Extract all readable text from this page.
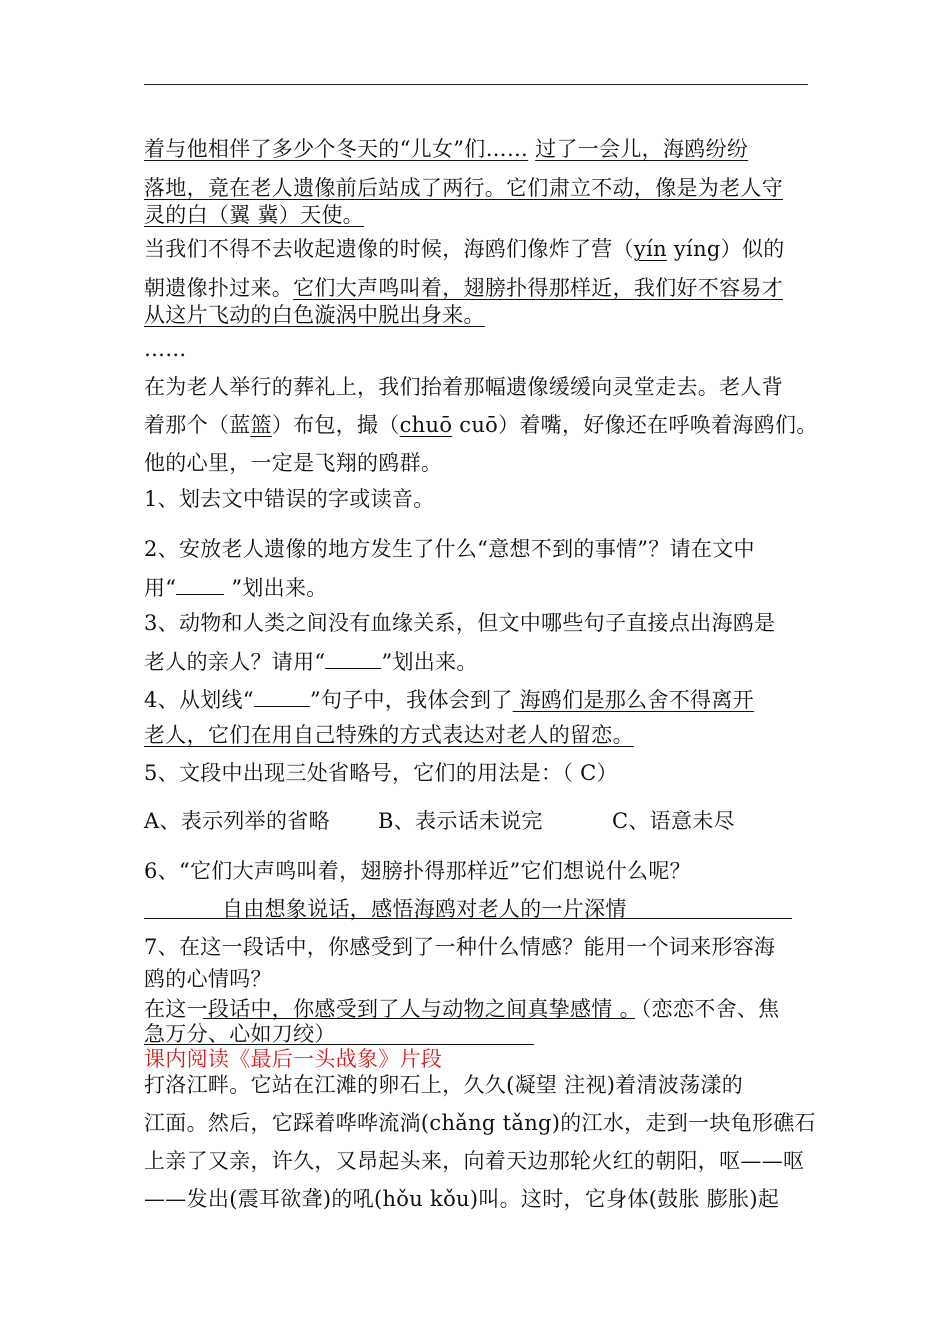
着与他相伴了多少个冬天的“儿女”们…… 过了一会儿，海鸥纷纷
落地，竟在老人遗像前后站成了两行。它们肃立不动，像是为老人守
灵的白（翼 冀）天使。
当我们不得不去收起遗像的时候，海鸥们像炸了营（yín yíng）似的
朝遗像扑过来。它们大声鸣叫着，翅膀扑得那样近，我们好不容易才
从这片飞动的白色漩涡中脱出身来。
……
在为老人举行的葬礼上，我们抬着那幅遗像缓缓向灵堂走去。老人背
着那个（蓝篮）布包，撮（chuō cuō）着嘴，好像还在呼唤着海鸥们。
他的心里，一定是飞翔的鸥群。
1、划去文中错误的字或读音。
2、安放老人遗像的地方发生了什么“意想不到的事情”？请在文中
用“ ”划出来。
3、动物和人类之间没有血缘关系，但文中哪些句子直接点出海鸥是
老人的亲人？请用“	”划出来。
4、从划线“	”句子中，我体会到了 海鸥们是那么舍不得离开
老人，它们在用自己特殊的方式表达对老人的留恋。
5、文段中出现三处省略号，它们的用法是：（ C）
A、表示列举的省略 B、表示话未说完	C、语意未尽
6、“它们大声鸣叫着，翅膀扑得那样近”它们想说什么呢？
自由想象说话，感悟海鸥对老人的一片深情
7、在这一段话中，你感受到了一种什么情感？能用一个词来形容海
鸥的心情吗？
在这一段话中，你感受到了人与动物之间真挚感情 。（恋恋不舍、焦
急万分、心如刀绞）
课内阅读《最后一头战象》片段
打洛江畔。它站在江滩的卵石上，久久(凝望 注视)着清波荡漾的
江面。然后，它踩着哗哗流淌(chǎng tǎng)的江水，走到一块龟形礁石
上亲了又亲，许久，又昂起头来，向着天边那轮火红的朝阳，呕——呕
——发出(震耳欲聋)的吼(hǒu kǒu)叫。这时，它身体(鼓胀 膨胀)起
